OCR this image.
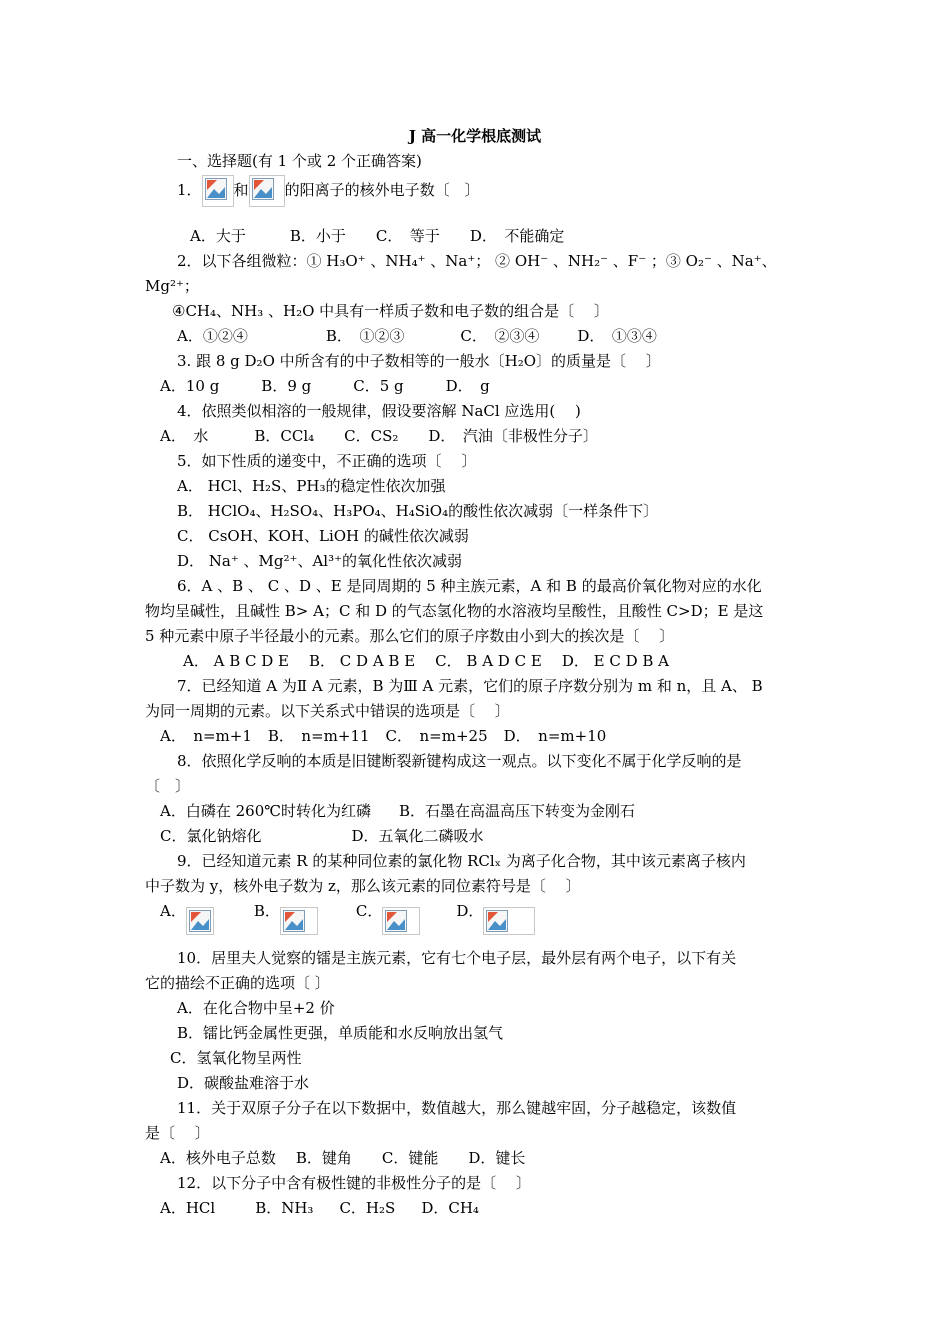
J 高一化学根底测试
一、选择题(有 1 个或 2 个正确答案)
1． 和 的阳离子的核外电子数〔　〕
A．大于	B．小于 C．　等于 D．　不能确定
2．以下各组微粒：① H₃O⁺ 、NH₄⁺ 、Na⁺； ② OH⁻ 、NH₂⁻ 、F⁻ ；③ O₂⁻ 、Na⁺、
Mg²⁺；
④CH₄、NH₃ 、H₂O 中具有一样质子数和电子数的组合是〔　 〕
A．①②④	B．　①②③	C．　②③④	D．　①③④
3. 跟 8 g D₂O 中所含有的中子数相等的一般水〔H₂O〕的质量是〔　 〕
A．10 g	B．9 g	C．5 g	D．　g
4．依照类似相溶的一般规律，假设要溶解 NaCl 应选用(　 )
A．　水	B．CCl₄ C．CS₂ D．　汽油〔非极性分子〕
5．如下性质的递变中，不正确的选项〔　 〕
A． HCl、H₂S、PH₃的稳定性依次加强
B． HClO₄、H₂SO₄、H₃PO₄、H₄SiO₄的酸性依次减弱〔一样条件下〕
C． CsOH、KOH、LiOH 的碱性依次减弱
D． Na⁺ 、Mg²⁺、Al³⁺的氧化性依次减弱
6．A 、B 、 C 、D 、E 是同周期的 5 种主族元素，A 和 B 的最高价氧化物对应的水化
物均呈碱性，且碱性 B> A；C 和 D 的气态氢化物的水溶液均呈酸性，且酸性 C>D；E 是这
5 种元素中原子半径最小的元素。那么它们的原子序数由小到大的挨次是〔　 〕
A． A B C D E B． C D A B E C． B A D C E D． E C D B A
7．已经知道 A 为Ⅱ A 元素，B 为Ⅲ A 元素，它们的原子序数分别为 m 和 n，且 A、 B
为同一周期的元素。以下关系式中错误的选项是〔　 〕
A．　n=m+1 B．　n=m+11 C．　n=m+25 D．　n=m+10
8．依照化学反响的本质是旧键断裂新键构成这一观点。以下变化不属于化学反响的是
〔　〕
A．白磷在 260℃时转化为红磷 B．石墨在高温高压下转变为金刚石
C．氯化钠熔化	D．五氧化二磷吸水
9．已经知道元素 R 的某种同位素的氯化物 RClₓ 为离子化合物，其中该元素离子核内
中子数为 y，核外电子数为 z，那么该元素的同位素符号是〔　 〕
A．	B．	C．	D．
10．居里夫人觉察的镭是主族元素，它有七个电子层，最外层有两个电子，以下有关
它的描绘不正确的选项〔 〕
A．在化合物中呈+2 价
B．镭比钙金属性更强，单质能和水反响放出氢气
C．氢氧化物呈两性
D．碳酸盐难溶于水
11．关于双原子分子在以下数据中，数值越大，那么键越牢固，分子越稳定，该数值
是〔　 〕
A．核外电子总数 B．键角 C．键能 D．键长
12．以下分子中含有极性键的非极性分子的是〔　 〕
A．HCl	B．NH₃ C．H₂S D．CH₄
